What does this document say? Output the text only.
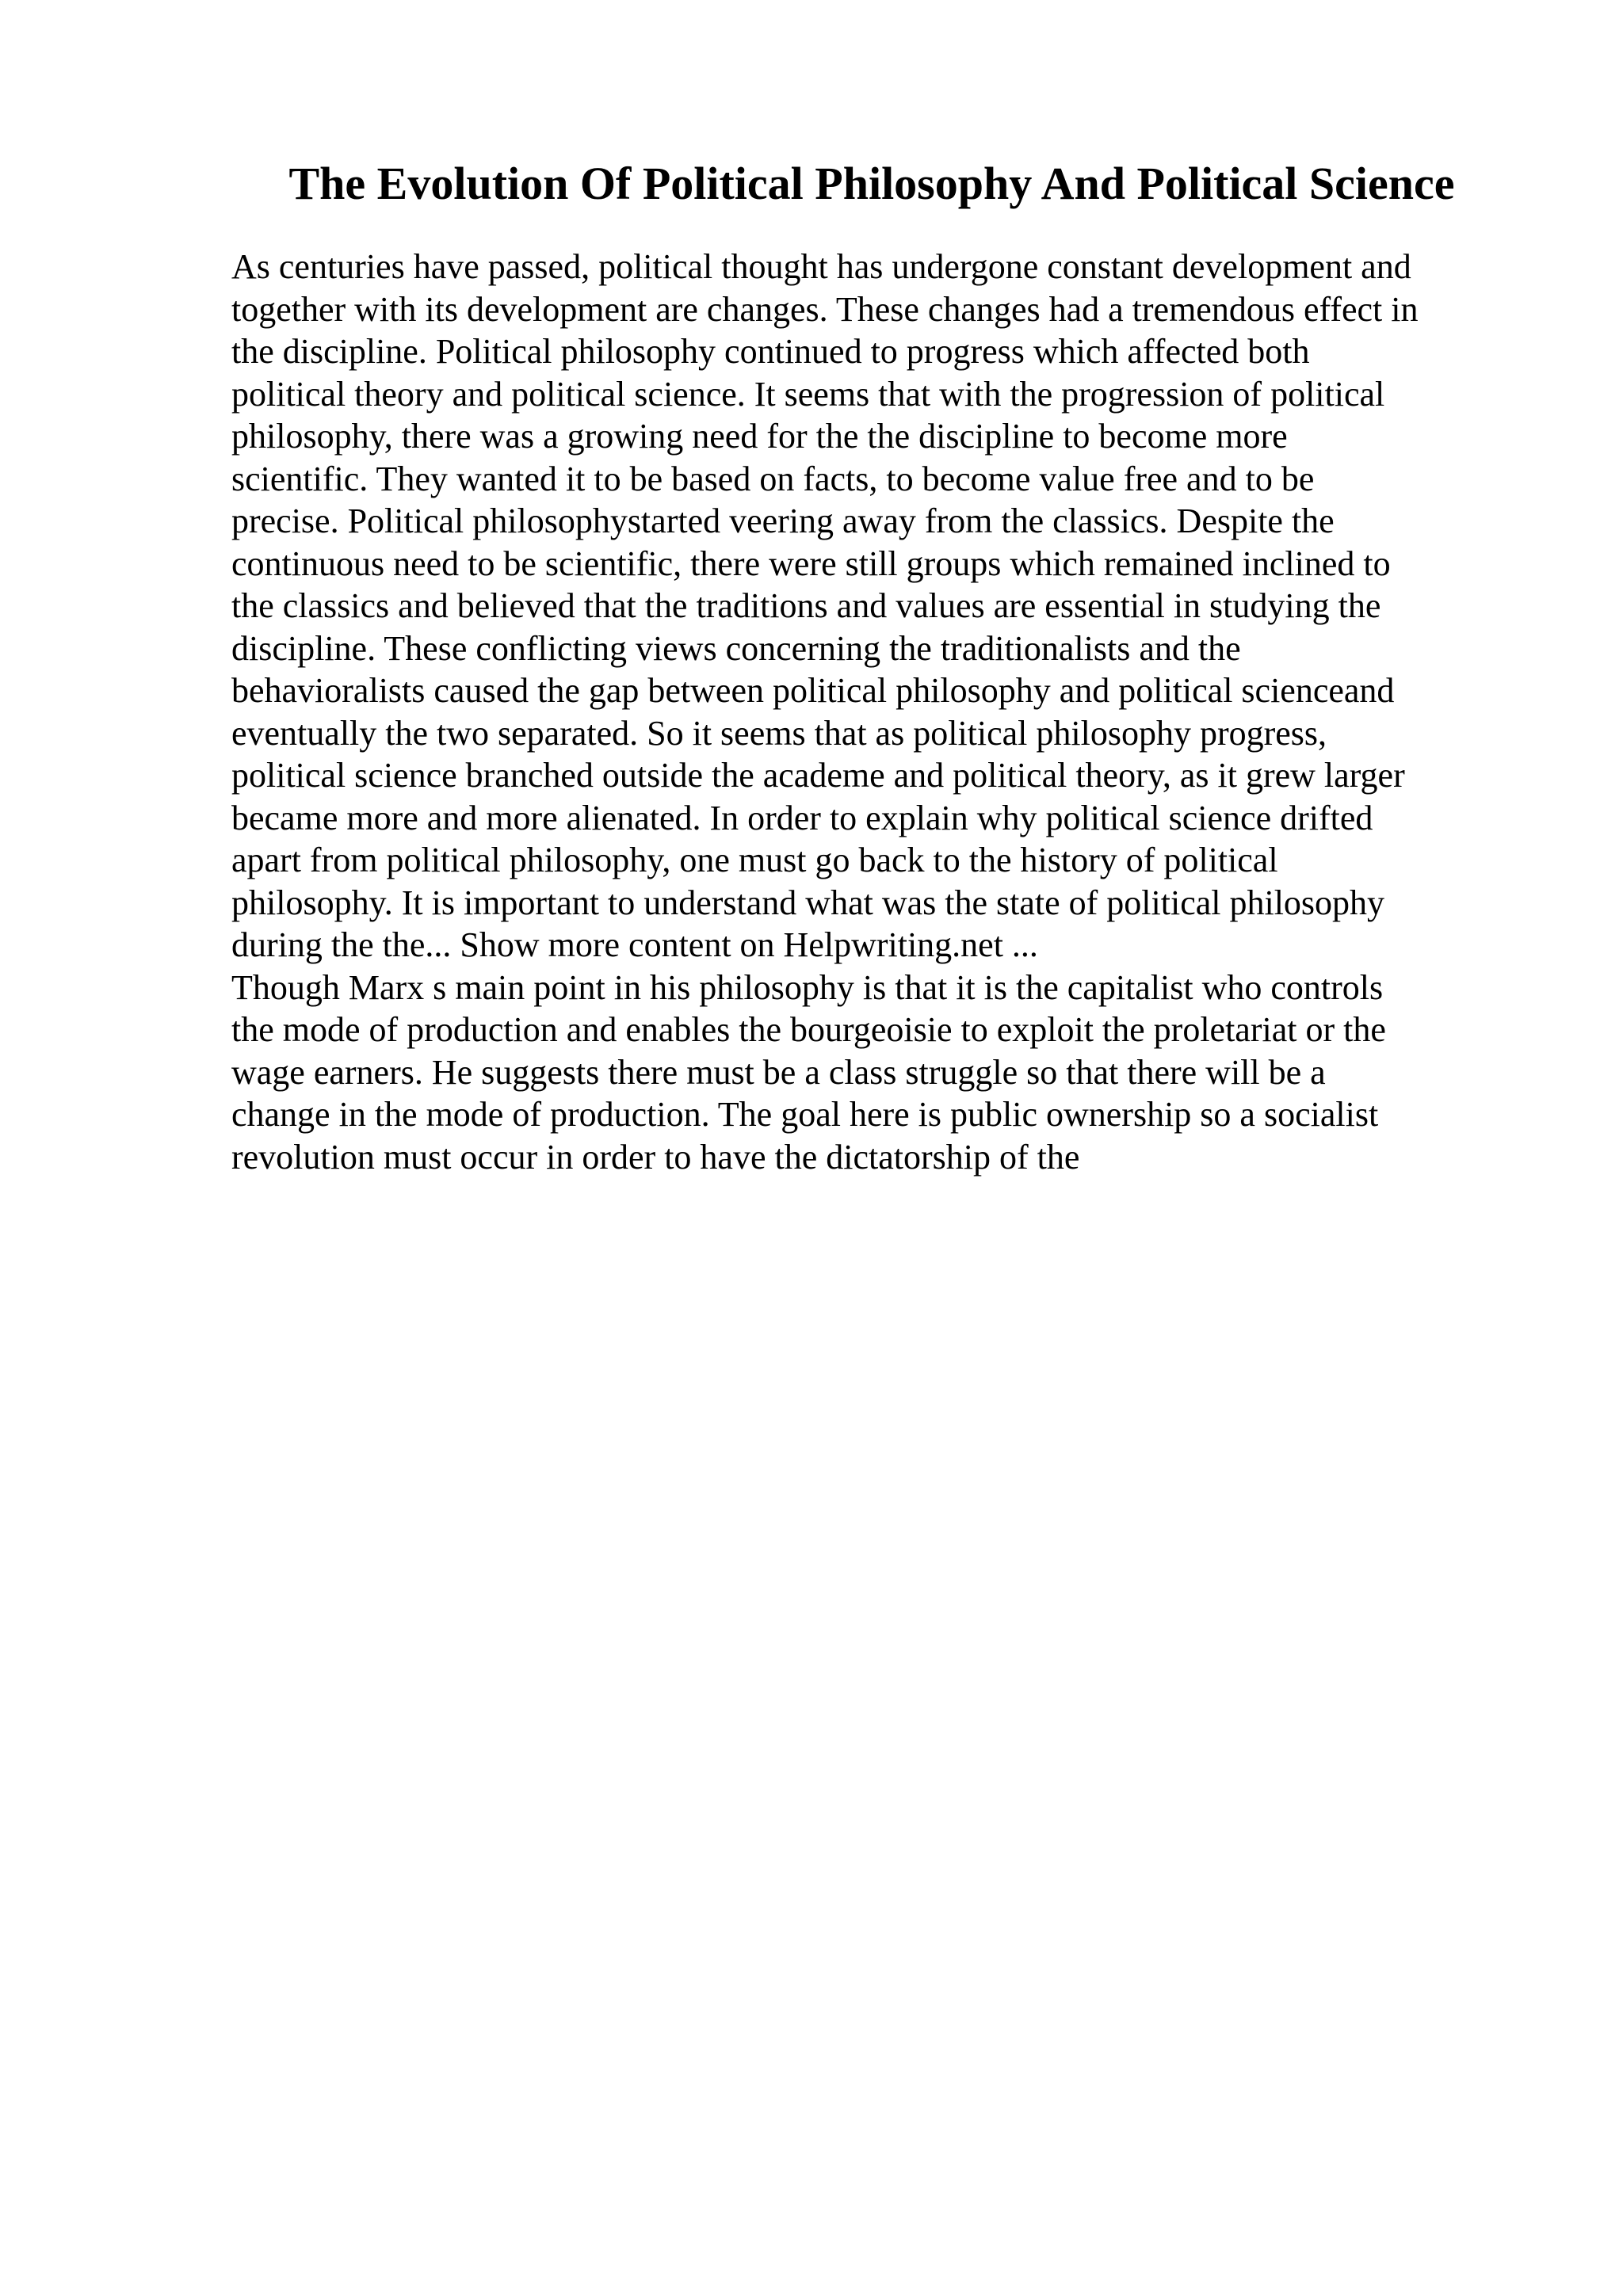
The Evolution Of Political Philosophy And Political Science
As centuries have passed, political thought has undergone constant development and
together with its development are changes. These changes had a tremendous effect in
the discipline. Political philosophy continued to progress which affected both
political theory and political science. It seems that with the progression of political
philosophy, there was a growing need for the the discipline to become more
scientific. They wanted it to be based on facts, to become value free and to be
precise. Political philosophystarted veering away from the classics. Despite the
continuous need to be scientific, there were still groups which remained inclined to
the classics and believed that the traditions and values are essential in studying the
discipline. These conflicting views concerning the traditionalists and the
behavioralists caused the gap between political philosophy and political scienceand
eventually the two separated. So it seems that as political philosophy progress,
political science branched outside the academe and political theory, as it grew larger
became more and more alienated. In order to explain why political science drifted
apart from political philosophy, one must go back to the history of political
philosophy. It is important to understand what was the state of political philosophy
during the the... Show more content on Helpwriting.net ...
Though Marx s main point in his philosophy is that it is the capitalist who controls
the mode of production and enables the bourgeoisie to exploit the proletariat or the
wage earners. He suggests there must be a class struggle so that there will be a
change in the mode of production. The goal here is public ownership so a socialist
revolution must occur in order to have the dictatorship of the
